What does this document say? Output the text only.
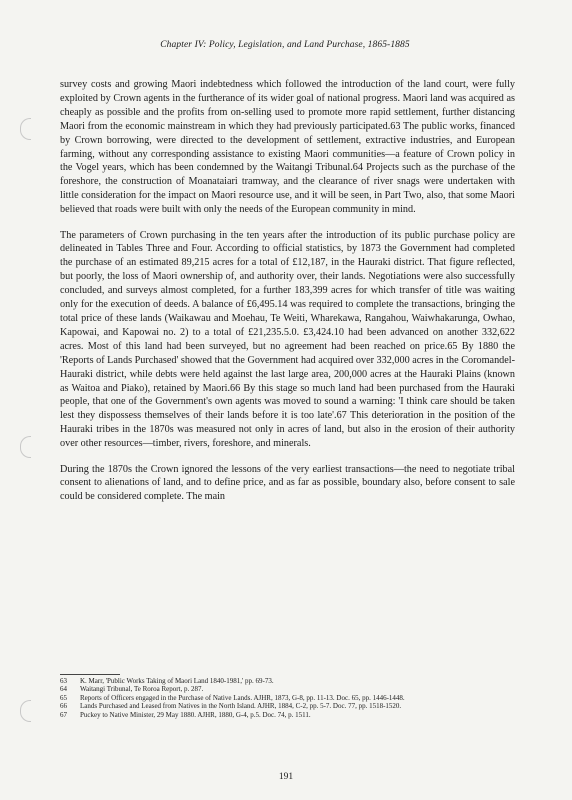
Chapter IV: Policy, Legislation, and Land Purchase, 1865-1885

survey costs and growing Maori indebtedness which followed the introduction of the land court, were fully exploited by Crown agents in the furtherance of its wider goal of national progress. Maori land was acquired as cheaply as possible and the profits from on-selling used to promote more rapid settlement, further distancing Maori from the economic mainstream in which they had previously participated.63 The public works, financed by Crown borrowing, were directed to the development of settlement, extractive industries, and European farming, without any corresponding assistance to existing Maori communities—a feature of Crown policy in the Vogel years, which has been condemned by the Waitangi Tribunal.64 Projects such as the purchase of the foreshore, the construction of Moanataiari tramway, and the clearance of river snags were undertaken with little consideration for the impact on Maori resource use, and it will be seen, in Part Two, also, that some Maori believed that roads were built with only the needs of the European community in mind.

The parameters of Crown purchasing in the ten years after the introduction of its public purchase policy are delineated in Tables Three and Four. According to official statistics, by 1873 the Government had completed the purchase of an estimated 89,215 acres for a total of £12,187, in the Hauraki district. That figure reflected, but poorly, the loss of Maori ownership of, and authority over, their lands. Negotiations were also successfully concluded, and surveys almost completed, for a further 183,399 acres for which transfer of title was waiting only for the execution of deeds. A balance of £6,495.14 was required to complete the transactions, bringing the total price of these lands (Waikawau and Moehau, Te Weiti, Wharekawa, Rangahou, Waiwhakarunga, Owhao, Kapowai, and Kapowai no. 2) to a total of £21,235.5.0. £3,424.10 had been advanced on another 332,622 acres. Most of this land had been surveyed, but no agreement had been reached on price.65 By 1880 the 'Reports of Lands Purchased' showed that the Government had acquired over 332,000 acres in the Coromandel-Hauraki district, while debts were held against the last large area, 200,000 acres at the Hauraki Plains (known as Waitoa and Piako), retained by Maori.66 By this stage so much land had been purchased from the Hauraki people, that one of the Government's own agents was moved to sound a warning: 'I think care should be taken lest they dispossess themselves of their lands before it is too late'.67 This deterioration in the position of the Hauraki tribes in the 1870s was measured not only in acres of land, but also in the erosion of their authority over other resources—timber, rivers, foreshore, and minerals.

During the 1870s the Crown ignored the lessons of the very earliest transactions—the need to negotiate tribal consent to alienations of land, and to define price, and as far as possible, boundary also, before consent to sale could be considered complete. The main

63	K. Marr, 'Public Works Taking of Maori Land 1840-1981,' pp. 69-73.
64	Waitangi Tribunal, Te Roroa Report, p. 287.
65	Reports of Officers engaged in the Purchase of Native Lands. AJHR, 1873, G-8, pp. 11-13. Doc. 65, pp. 1446-1448.
66	Lands Purchased and Leased from Natives in the North Island. AJHR, 1884, C-2, pp. 5-7. Doc. 77, pp. 1518-1520.
67	Puckey to Native Minister, 29 May 1880. AJHR, 1880, G-4, p.5. Doc. 74, p. 1511.
191
